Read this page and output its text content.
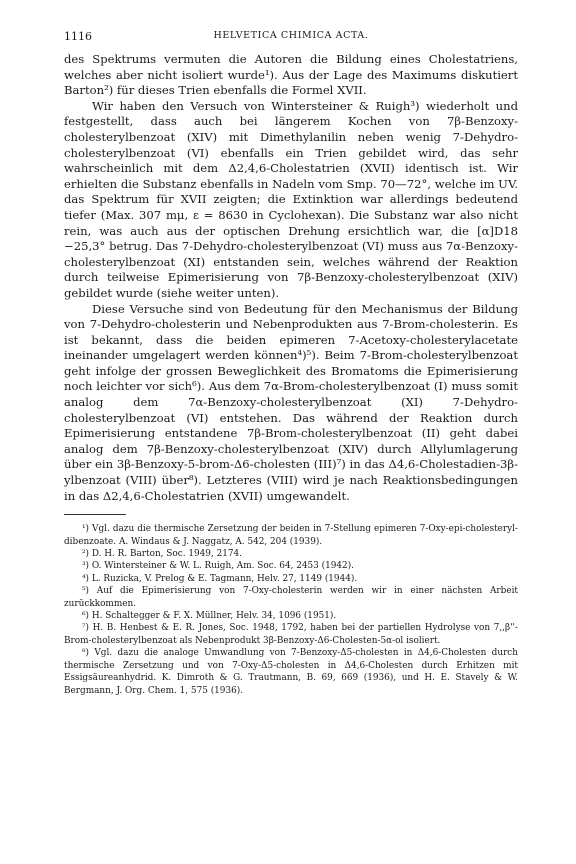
1116	HELVETICA CHIMICA ACTA.

des Spektrums vermuten die Autoren die Bildung eines Cholestatriens, welches aber nicht isoliert wurde¹). Aus der Lage des Maximums diskutiert Barton²) für dieses Trien ebenfalls die Formel XVII.

Wir haben den Versuch von Wintersteiner & Ruigh³) wiederholt und festgestellt, dass auch bei längerem Kochen von 7β-Benzoxy-cholesterylbenzoat (XIV) mit Dimethylanilin neben wenig 7-Dehydro-cholesterylbenzoat (VI) ebenfalls ein Trien gebildet wird, das sehr wahrscheinlich mit dem Δ2,4,6-Cholestatrien (XVII) identisch ist. Wir erhielten die Substanz ebenfalls in Nadeln vom Smp. 70—72°, welche im UV. das Spektrum für XVII zeigten; die Extinktion war allerdings bedeutend tiefer (Max. 307 mμ, ε = 8630 in Cyclohexan). Die Substanz war also nicht rein, was auch aus der optischen Drehung ersichtlich war, die [α]D18 −25,3° betrug. Das 7-Dehydro-cholesterylbenzoat (VI) muss aus 7α-Benzoxy-cholesterylbenzoat (XI) entstanden sein, welches während der Reaktion durch teilweise Epimerisierung von 7β-Benzoxy-cholesterylbenzoat (XIV) gebildet wurde (siehe weiter unten).

Diese Versuche sind von Bedeutung für den Mechanismus der Bildung von 7-Dehydro-cholesterin und Nebenprodukten aus 7-Brom-cholesterin. Es ist bekannt, dass die beiden epimeren 7-Acetoxy-cholesterylacetate ineinander umgelagert werden können⁴)⁵). Beim 7-Brom-cholesterylbenzoat geht infolge der grossen Beweglichkeit des Bromatoms die Epimerisierung noch leichter vor sich⁶). Aus dem 7α-Brom-cholesterylbenzoat (I) muss somit analog dem 7α-Benzoxy-cholesterylbenzoat (XI) 7-Dehydro-cholesterylbenzoat (VI) entstehen. Das während der Reaktion durch Epimerisierung entstandene 7β-Brom-cholesterylbenzoat (II) geht dabei analog dem 7β-Benzoxy-cholesterylbenzoat (XIV) durch Allylumlagerung über ein 3β-Benzoxy-5-brom-Δ6-cholesten (III)⁷) in das Δ4,6-Cholestadien-3β-ylbenzoat (VIII) über⁸). Letzteres (VIII) wird je nach Reaktionsbedingungen in das Δ2,4,6-Cholestatrien (XVII) umgewandelt.

¹) Vgl. dazu die thermische Zersetzung der beiden in 7-Stellung epimeren 7-Oxy-epi-cholesteryl-dibenzoate. A. Windaus & J. Naggatz, A. 542, 204 (1939).

²) D. H. R. Barton, Soc. 1949, 2174.

³) O. Wintersteiner & W. L. Ruigh, Am. Soc. 64, 2453 (1942).

⁴) L. Ruzicka, V. Prelog & E. Tagmann, Helv. 27, 1149 (1944).

⁵) Auf die Epimerisierung von 7-Oxy-cholesterin werden wir in einer nächsten Arbeit zurückkommen.

⁶) H. Schaltegger & F. X. Müllner, Helv. 34, 1096 (1951).

⁷) H. B. Henbest & E. R. Jones, Soc. 1948, 1792, haben bei der partiellen Hydrolyse von 7,,β''-Brom-cholesterylbenzoat als Nebenprodukt 3β-Benzoxy-Δ6-Cholesten-5α-ol isoliert.

⁸) Vgl. dazu die analoge Umwandlung von 7-Benzoxy-Δ5-cholesten in Δ4,6-Cholesten durch thermische Zersetzung und von 7-Oxy-Δ5-cholesten in Δ4,6-Cholesten durch Erhitzen mit Essigsäureanhydrid. K. Dimroth & G. Trautmann, B. 69, 669 (1936), und H. E. Stavely & W. Bergmann, J. Org. Chem. 1, 575 (1936).
